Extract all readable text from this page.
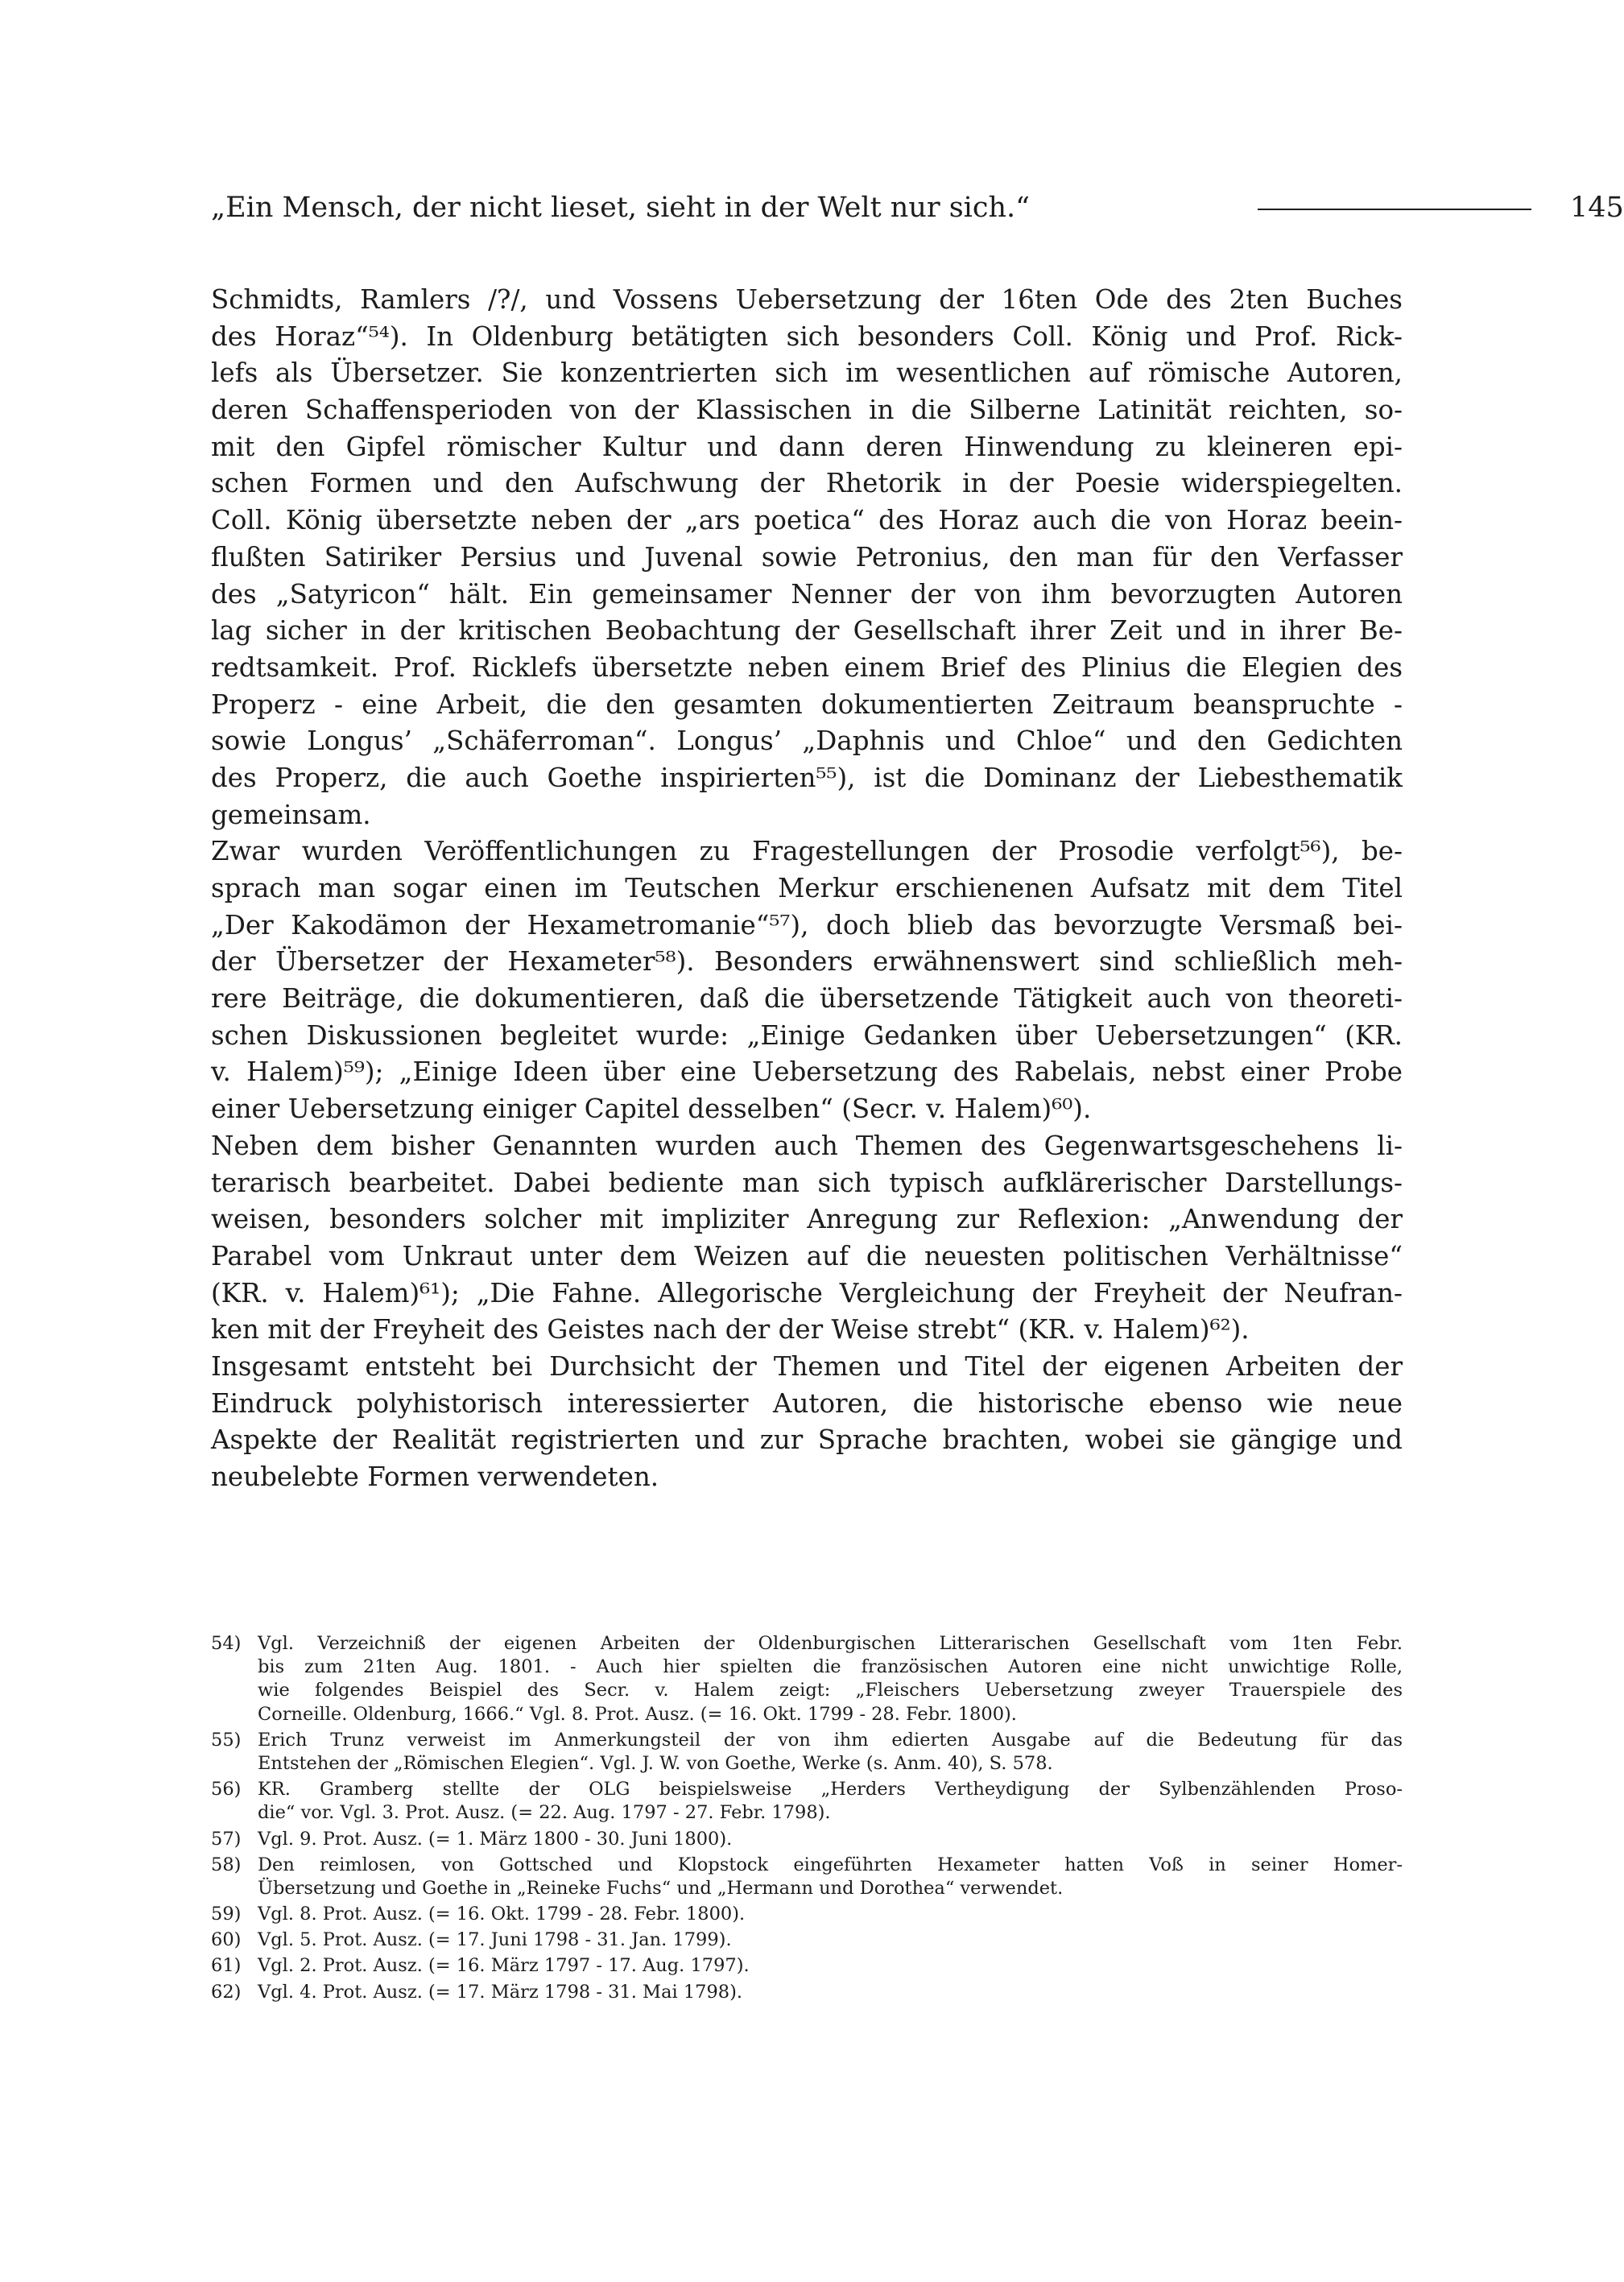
„Ein Mensch, der nicht lieset, sieht in der Welt nur sich.“	145
Schmidts, Ramlers /?/, und Vossens Uebersetzung der 16ten Ode des 2ten Buches
des Horaz“⁵⁴). In Oldenburg betätigten sich besonders Coll. König und Prof. Rick-
lefs als Übersetzer. Sie konzentrierten sich im wesentlichen auf römische Autoren,
deren Schaffensperioden von der Klassischen in die Silberne Latinität reichten, so-
mit den Gipfel römischer Kultur und dann deren Hinwendung zu kleineren epi-
schen Formen und den Aufschwung der Rhetorik in der Poesie widerspiegelten.
Coll. König übersetzte neben der „ars poetica“ des Horaz auch die von Horaz beein-
flußten Satiriker Persius und Juvenal sowie Petronius, den man für den Verfasser
des „Satyricon“ hält. Ein gemeinsamer Nenner der von ihm bevorzugten Autoren
lag sicher in der kritischen Beobachtung der Gesellschaft ihrer Zeit und in ihrer Be-
redtsamkeit. Prof. Ricklefs übersetzte neben einem Brief des Plinius die Elegien des
Properz - eine Arbeit, die den gesamten dokumentierten Zeitraum beanspruchte -
sowie Longus’ „Schäferroman“. Longus’ „Daphnis und Chloe“ und den Gedichten
des Properz, die auch Goethe inspirierten⁵⁵), ist die Dominanz der Liebesthematik
gemeinsam.
Zwar wurden Veröffentlichungen zu Fragestellungen der Prosodie verfolgt⁵⁶), be-
sprach man sogar einen im Teutschen Merkur erschienenen Aufsatz mit dem Titel
„Der Kakodämon der Hexametromanie“⁵⁷), doch blieb das bevorzugte Versmaß bei-
der Übersetzer der Hexameter⁵⁸). Besonders erwähnenswert sind schließlich meh-
rere Beiträge, die dokumentieren, daß die übersetzende Tätigkeit auch von theoreti-
schen Diskussionen begleitet wurde: „Einige Gedanken über Uebersetzungen“ (KR.
v. Halem)⁵⁹); „Einige Ideen über eine Uebersetzung des Rabelais, nebst einer Probe
einer Uebersetzung einiger Capitel desselben“ (Secr. v. Halem)⁶⁰).
Neben dem bisher Genannten wurden auch Themen des Gegenwartsgeschehens li-
terarisch bearbeitet. Dabei bediente man sich typisch aufklärerischer Darstellungs-
weisen, besonders solcher mit impliziter Anregung zur Reflexion: „Anwendung der
Parabel vom Unkraut unter dem Weizen auf die neuesten politischen Verhältnisse“
(KR. v. Halem)⁶¹); „Die Fahne. Allegorische Vergleichung der Freyheit der Neufran-
ken mit der Freyheit des Geistes nach der der Weise strebt“ (KR. v. Halem)⁶²).
Insgesamt entsteht bei Durchsicht der Themen und Titel der eigenen Arbeiten der
Eindruck polyhistorisch interessierter Autoren, die historische ebenso wie neue
Aspekte der Realität registrierten und zur Sprache brachten, wobei sie gängige und
neubelebte Formen verwendeten.
54) Vgl. Verzeichniß der eigenen Arbeiten der Oldenburgischen Litterarischen Gesellschaft vom 1ten Febr.
bis zum 21ten Aug. 1801. - Auch hier spielten die französischen Autoren eine nicht unwichtige Rolle,
wie folgendes Beispiel des Secr. v. Halem zeigt: „Fleischers Uebersetzung zweyer Trauerspiele des
Corneille. Oldenburg, 1666.“ Vgl. 8. Prot. Ausz. (= 16. Okt. 1799 - 28. Febr. 1800).
55) Erich Trunz verweist im Anmerkungsteil der von ihm edierten Ausgabe auf die Bedeutung für das
Entstehen der „Römischen Elegien“. Vgl. J. W. von Goethe, Werke (s. Anm. 40), S. 578.
56) KR. Gramberg stellte der OLG beispielsweise „Herders Vertheydigung der Sylbenzählenden Proso-
die“ vor. Vgl. 3. Prot. Ausz. (= 22. Aug. 1797 - 27. Febr. 1798).
57) Vgl. 9. Prot. Ausz. (= 1. März 1800 - 30. Juni 1800).
58) Den reimlosen, von Gottsched und Klopstock eingeführten Hexameter hatten Voß in seiner Homer-
Übersetzung und Goethe in „Reineke Fuchs“ und „Hermann und Dorothea“ verwendet.
59) Vgl. 8. Prot. Ausz. (= 16. Okt. 1799 - 28. Febr. 1800).
60) Vgl. 5. Prot. Ausz. (= 17. Juni 1798 - 31. Jan. 1799).
61) Vgl. 2. Prot. Ausz. (= 16. März 1797 - 17. Aug. 1797).
62) Vgl. 4. Prot. Ausz. (= 17. März 1798 - 31. Mai 1798).
